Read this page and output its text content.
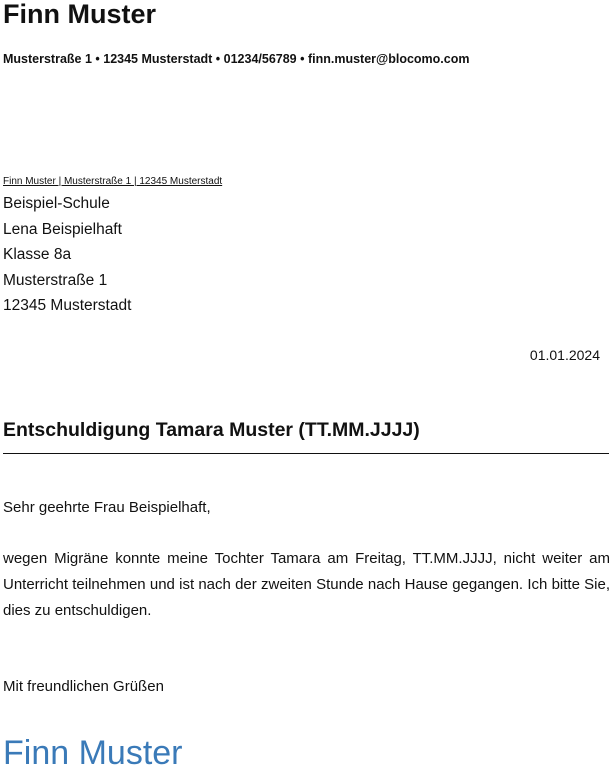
Finn Muster
Musterstraße 1 • 12345 Musterstadt • 01234/56789 • finn.muster@blocomo.com
Finn Muster | Musterstraße 1 | 12345 Musterstadt
Beispiel-Schule
Lena Beispielhaft
Klasse 8a
Musterstraße 1
12345 Musterstadt
01.01.2024
Entschuldigung Tamara Muster (TT.MM.JJJJ)
Sehr geehrte Frau Beispielhaft,
wegen Migräne konnte meine Tochter Tamara am Freitag, TT.MM.JJJJ, nicht weiter am Unterricht teilnehmen und ist nach der zweiten Stunde nach Hause gegangen. Ich bitte Sie, dies zu entschuldigen.
Mit freundlichen Grüßen
Finn Muster
